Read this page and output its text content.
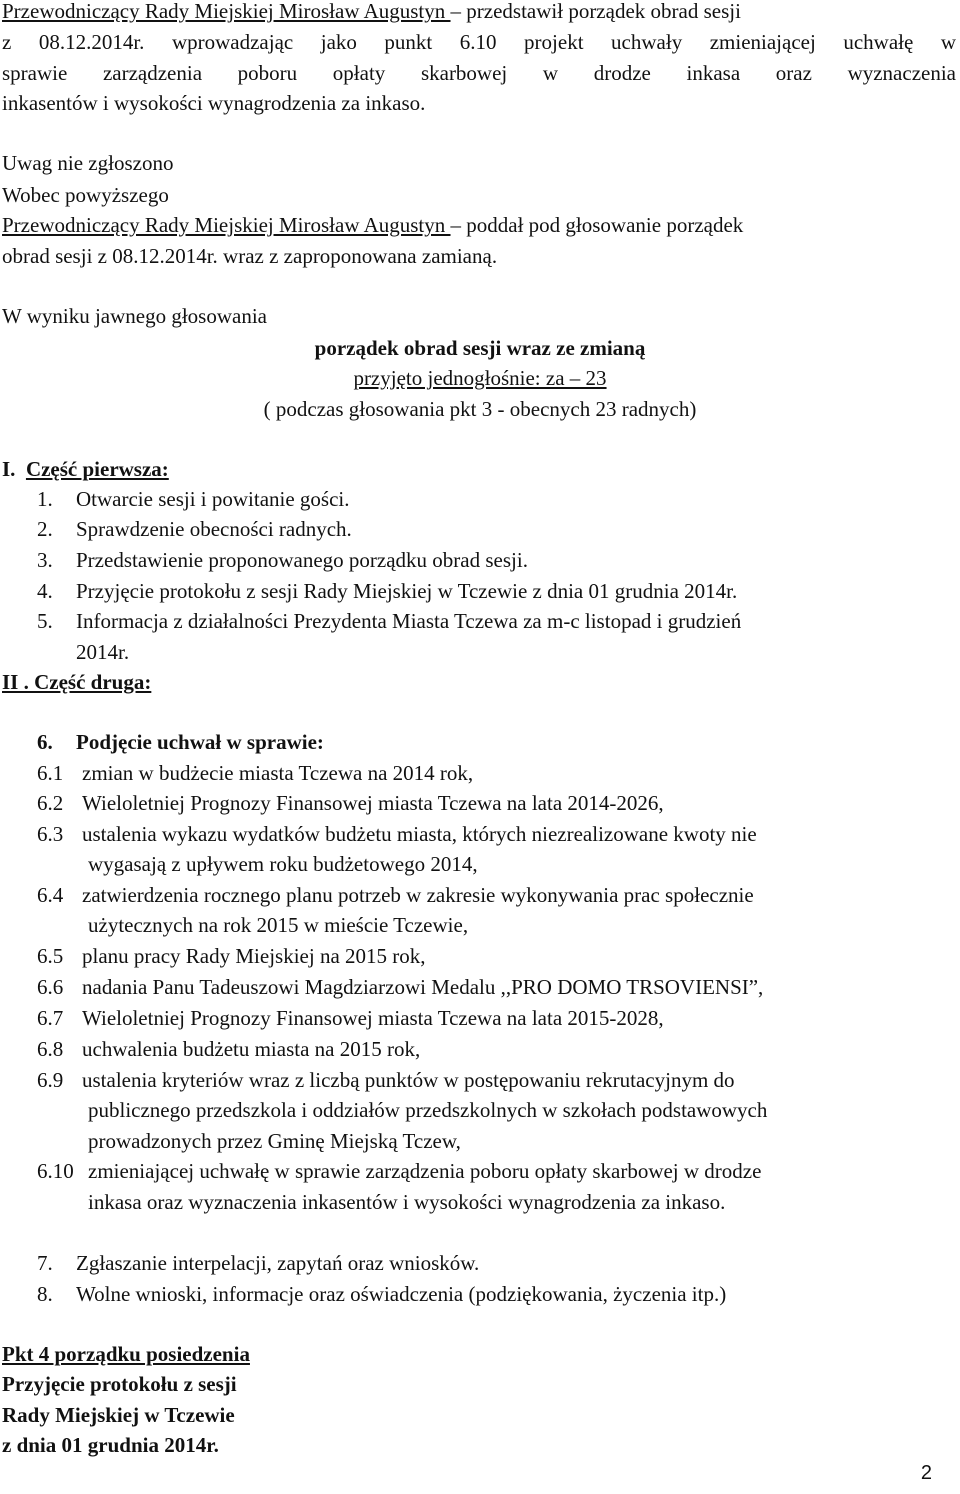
Przewodniczący Rady Miejskiej Mirosław Augustyn – przedstawił porządek obrad sesji
z 08.12.2014r. wprowadzając jako punkt 6.10 projekt uchwały zmieniającej uchwałę w
sprawie zarządzenia poboru opłaty skarbowej w drodze inkasa oraz wyznaczenia
inkasentów i wysokości wynagrodzenia za inkaso.
Uwag nie zgłoszono
Wobec powyższego
Przewodniczący Rady Miejskiej Mirosław Augustyn – poddał pod głosowanie porządek
obrad sesji z 08.12.2014r. wraz z zaproponowana zamianą.
W wyniku jawnego głosowania
porządek obrad sesji wraz ze zmianą
przyjęto jednogłośnie: za – 23
( podczas głosowania pkt 3 - obecnych 23 radnych)
I. Część pierwsza:
1. Otwarcie sesji i powitanie gości.
2. Sprawdzenie obecności radnych.
3. Przedstawienie proponowanego porządku obrad sesji.
4. Przyjęcie protokołu z sesji Rady Miejskiej w Tczewie z dnia 01 grudnia 2014r.
5. Informacja z działalności Prezydenta Miasta Tczewa za m-c listopad i grudzień
2014r.
II . Część druga:
6. Podjęcie uchwał w sprawie:
6.1 zmian w budżecie miasta Tczewa na 2014 rok,
6.2 Wieloletniej Prognozy Finansowej miasta Tczewa na lata 2014-2026,
6.3 ustalenia wykazu wydatków budżetu miasta, których niezrealizowane kwoty nie
wygasają z upływem roku budżetowego 2014,
6.4 zatwierdzenia rocznego planu potrzeb w zakresie wykonywania prac społecznie
użytecznych na rok 2015 w mieście Tczewie,
6.5 planu pracy Rady Miejskiej na 2015 rok,
6.6 nadania Panu Tadeuszowi Magdziarzowi Medalu ,,PRO DOMO TRSOVIENSI”,
6.7 Wieloletniej Prognozy Finansowej miasta Tczewa na lata 2015-2028,
6.8 uchwalenia budżetu miasta na 2015 rok,
6.9 ustalenia kryteriów wraz z liczbą punktów w postępowaniu rekrutacyjnym do
publicznego przedszkola i oddziałów przedszkolnych w szkołach podstawowych
prowadzonych przez Gminę Miejską Tczew,
6.10 zmieniającej uchwałę w sprawie zarządzenia poboru opłaty skarbowej w drodze
inkasa oraz wyznaczenia inkasentów i wysokości wynagrodzenia za inkaso.
7. Zgłaszanie interpelacji, zapytań oraz wniosków.
8. Wolne wnioski, informacje oraz oświadczenia (podziękowania, życzenia itp.)
Pkt 4 porządku posiedzenia
Przyjęcie protokołu z sesji
Rady Miejskiej w Tczewie
z dnia 01 grudnia 2014r.
2
